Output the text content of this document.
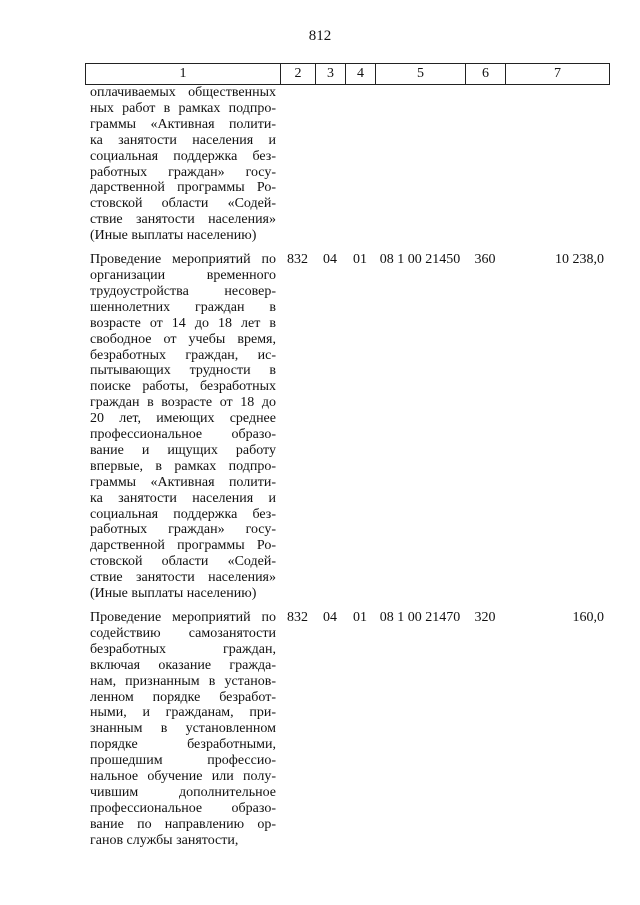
812
1	2	3	4	5	6	7
оплачиваемых общественных
ных работ в рамках подпро-
граммы «Активная полити-
ка занятости населения и
социальная поддержка без-
работных граждан» госу-
дарственной программы Ро-
стовской области «Содей-
ствие занятости населения»
(Иные выплаты населению)
Проведение мероприятий по
организации временного
трудоустройства несовер-
шеннолетних граждан в
возрасте от 14 до 18 лет в
свободное от учебы время,
безработных граждан, ис-
пытывающих трудности в
поиске работы, безработных
граждан в возрасте от 18 до
20 лет, имеющих среднее
профессиональное образо-
вание и ищущих работу
впервые, в рамках подпро-
граммы «Активная полити-
ка занятости населения и
социальная поддержка без-
работных граждан» госу-
дарственной программы Ро-
стовской области «Содей-
ствие занятости населения»
(Иные выплаты населению)
832	04	01 08 1 00 21450	360	10 238,0
Проведение мероприятий по
содействию самозанятости
безработных граждан,
включая оказание гражда-
нам, признанным в установ-
ленном порядке безработ-
ными, и гражданам, при-
знанным в установленном
порядке безработными,
прошедшим профессио-
нальное обучение или полу-
чившим дополнительное
профессиональное образо-
вание по направлению ор-
ганов службы занятости,
832	04	01 08 1 00 21470	320	160,0
